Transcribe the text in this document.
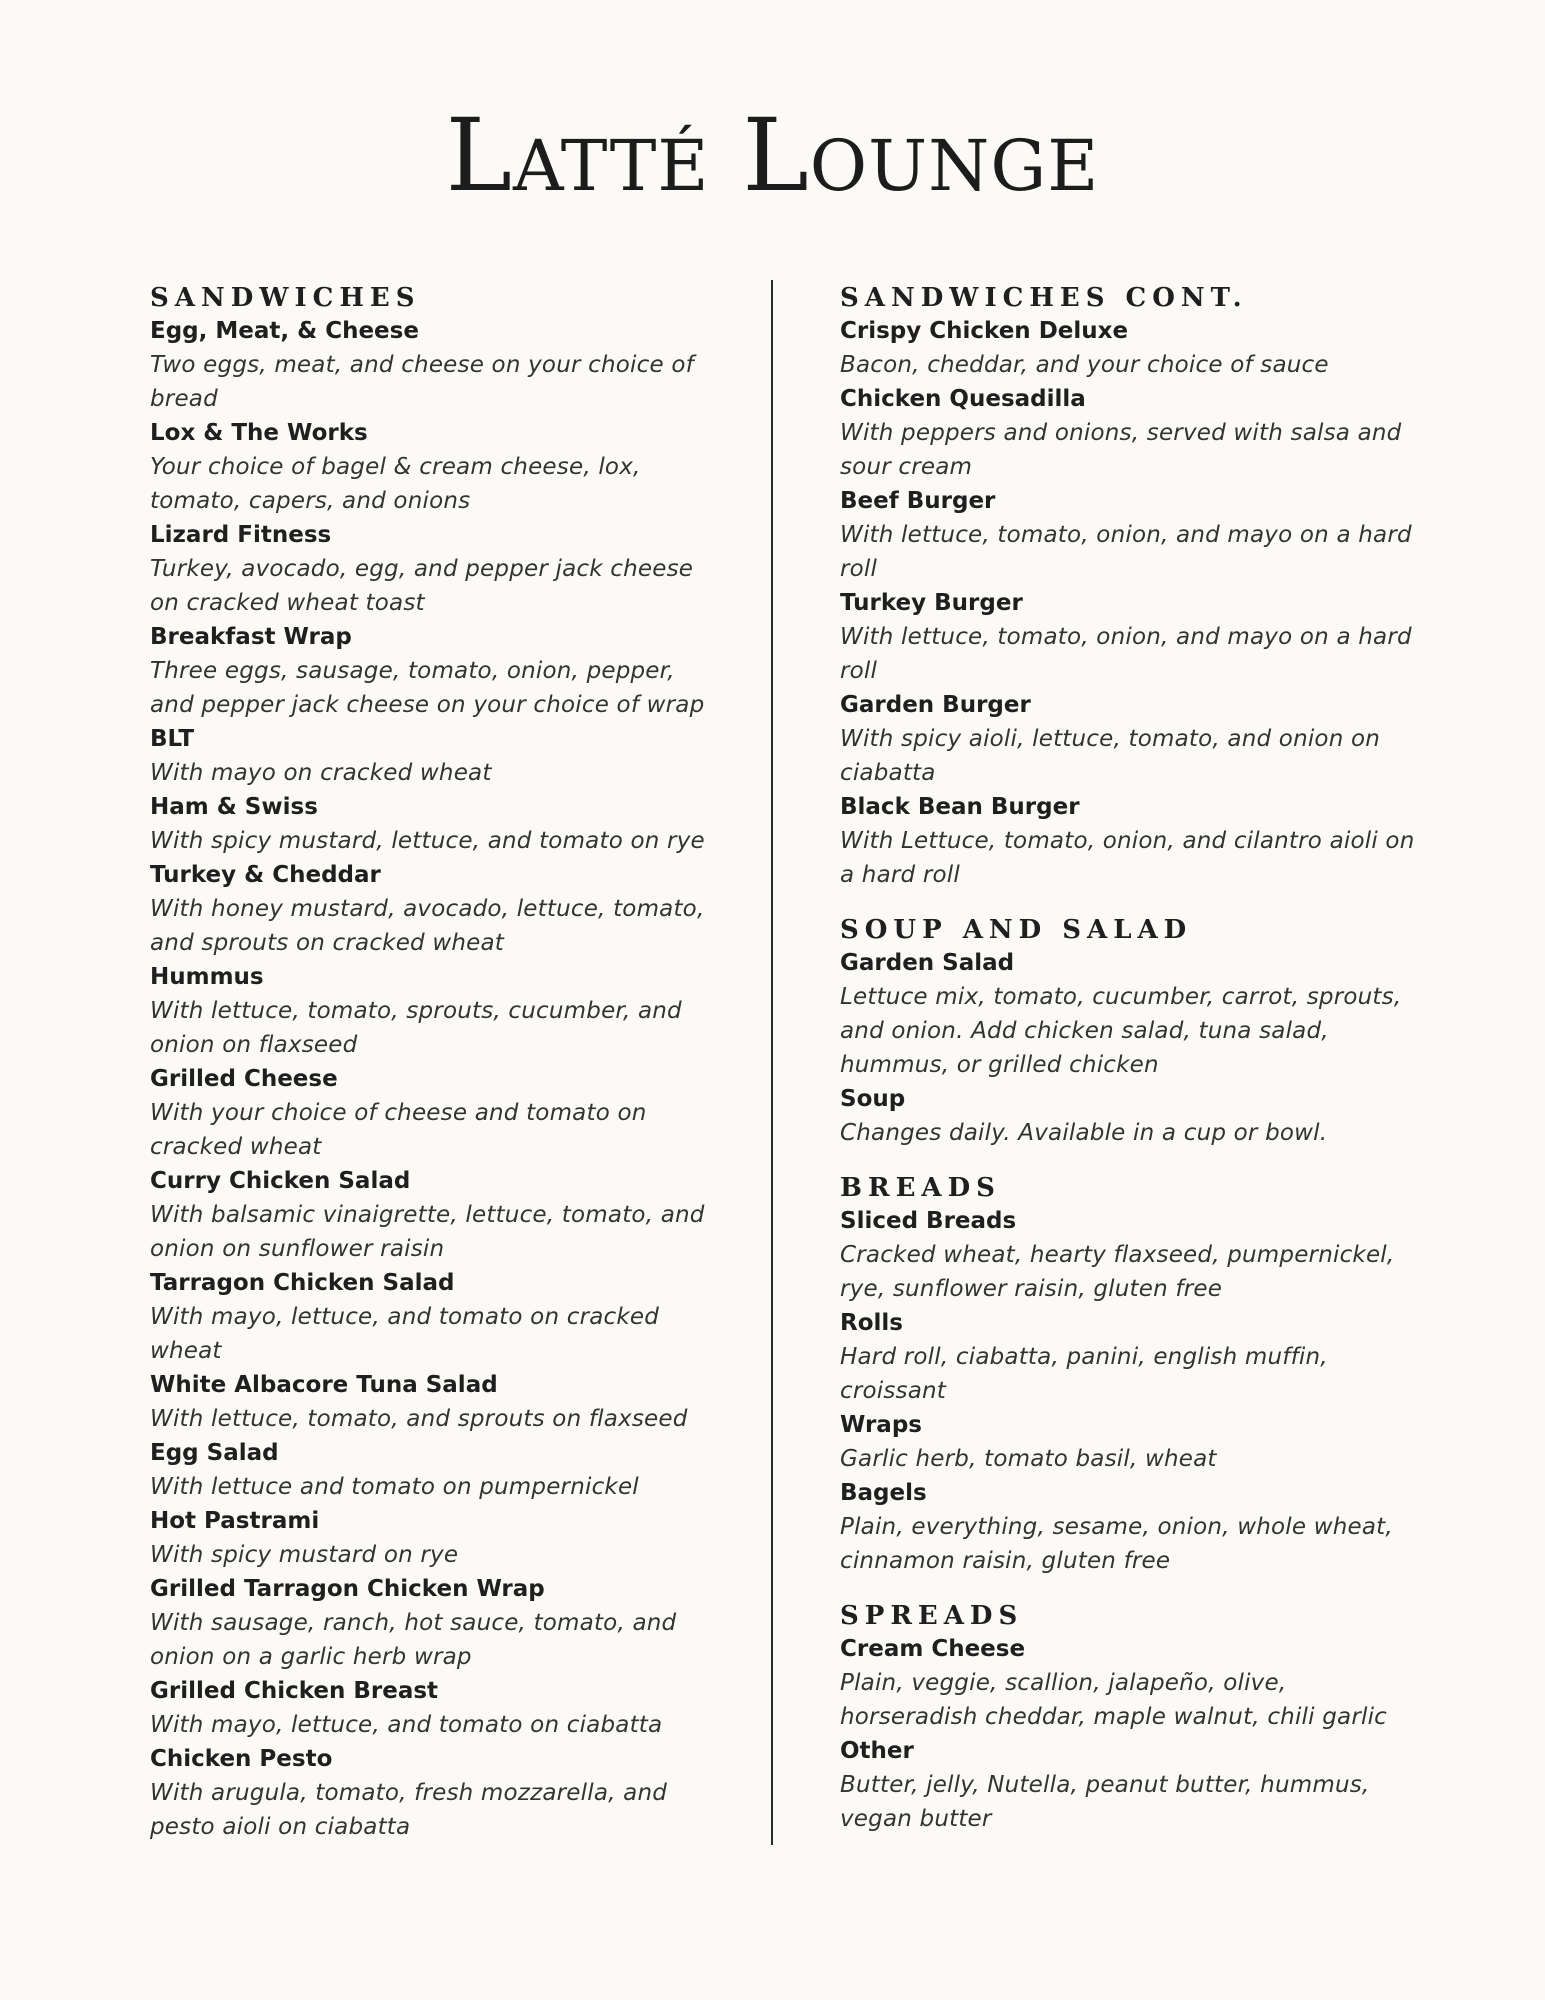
Latté Lounge
SANDWICHES
Egg, Meat, & Cheese
Two eggs, meat, and cheese on your choice of bread
Lox & The Works
Your choice of bagel & cream cheese, lox, tomato, capers, and onions
Lizard Fitness
Turkey, avocado, egg, and pepper jack cheese on cracked wheat toast
Breakfast Wrap
Three eggs, sausage, tomato, onion, pepper, and pepper jack cheese on your choice of wrap
BLT
With mayo on cracked wheat
Ham & Swiss
With spicy mustard, lettuce, and tomato on rye
Turkey & Cheddar
With honey mustard, avocado, lettuce, tomato, and sprouts on cracked wheat
Hummus
With lettuce, tomato, sprouts, cucumber, and onion on flaxseed
Grilled Cheese
With your choice of cheese and tomato on cracked wheat
Curry Chicken Salad
With balsamic vinaigrette, lettuce, tomato, and onion on sunflower raisin
Tarragon Chicken Salad
With mayo, lettuce, and tomato on cracked wheat
White Albacore Tuna Salad
With lettuce, tomato, and sprouts on flaxseed
Egg Salad
With lettuce and tomato on pumpernickel
Hot Pastrami
With spicy mustard on rye
Grilled Tarragon Chicken Wrap
With sausage, ranch, hot sauce, tomato, and onion on a garlic herb wrap
Grilled Chicken Breast
With mayo, lettuce, and tomato on ciabatta
Chicken Pesto
With arugula, tomato, fresh mozzarella, and pesto aioli on ciabatta
SANDWICHES CONT.
Crispy Chicken Deluxe
Bacon, cheddar, and your choice of sauce
Chicken Quesadilla
With peppers and onions, served with salsa and sour cream
Beef Burger
With lettuce, tomato, onion, and mayo on a hard roll
Turkey Burger
With lettuce, tomato, onion, and mayo on a hard roll
Garden Burger
With spicy aioli, lettuce, tomato, and onion on ciabatta
Black Bean Burger
With Lettuce, tomato, onion, and cilantro aioli on a hard roll
SOUP AND SALAD
Garden Salad
Lettuce mix, tomato, cucumber, carrot, sprouts, and onion. Add chicken salad, tuna salad, hummus, or grilled chicken
Soup
Changes daily. Available in a cup or bowl.
BREADS
Sliced Breads
Cracked wheat, hearty flaxseed, pumpernickel, rye, sunflower raisin, gluten free
Rolls
Hard roll, ciabatta, panini, english muffin, croissant
Wraps
Garlic herb, tomato basil, wheat
Bagels
Plain, everything, sesame, onion, whole wheat, cinnamon raisin, gluten free
SPREADS
Cream Cheese
Plain, veggie, scallion, jalapeño, olive, horseradish cheddar, maple walnut, chili garlic
Other
Butter, jelly, Nutella, peanut butter, hummus, vegan butter
